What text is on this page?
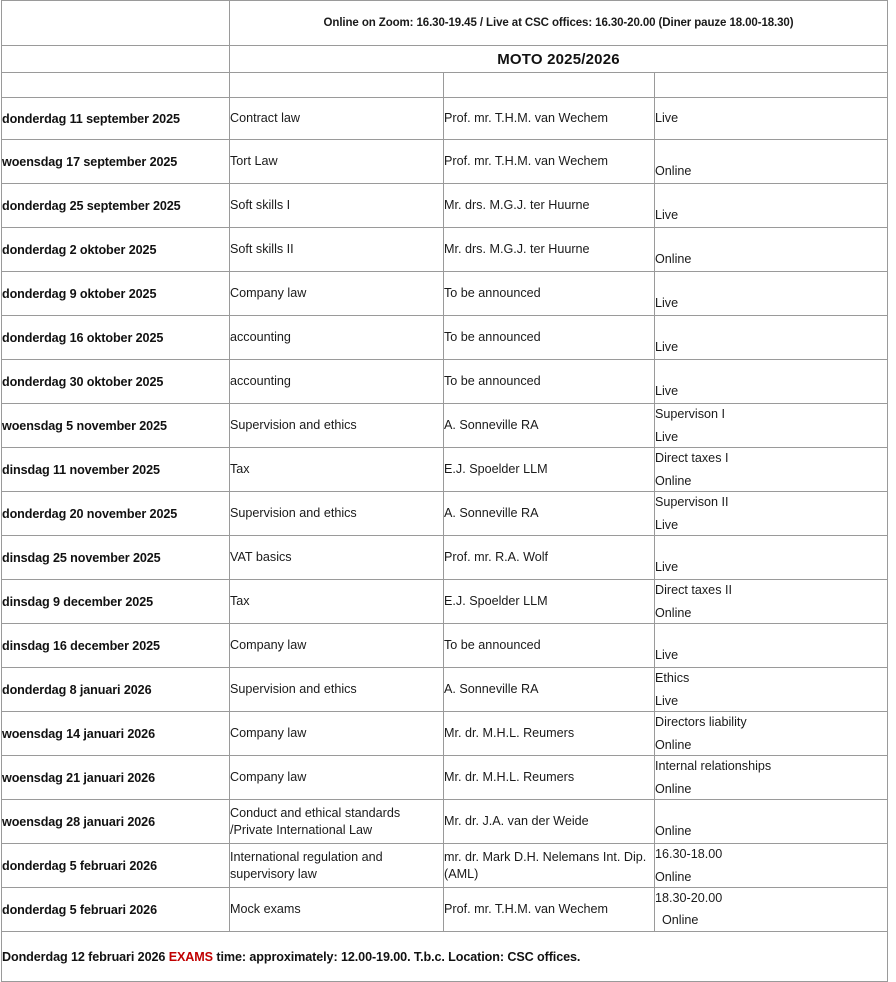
	Online on Zoom: 16.30-19.45 / Live at CSC offices: 16.30-20.00 (Diner pauze 18.00-18.30)		
	MOTO 2025/2026		

donderdag 11 september 2025	Contract law	Prof. mr. T.H.M. van Wechem	Live

woensdag 17 september 2025	Tort Law	Prof. mr. T.H.M. van Wechem	Online

donderdag 25 september 2025	Soft skills I	Mr. drs. M.G.J. ter Huurne	Live

donderdag 2 oktober 2025	Soft skills II	Mr. drs. M.G.J. ter Huurne	Online

donderdag 9 oktober 2025	Company law	To be announced	Live

donderdag 16 oktober 2025	accounting	To be announced	Live

donderdag 30 oktober 2025	accounting	To be announced	Live

woensdag 5 november 2025	Supervision and ethics	A. Sonneville RA	Supervison I
Live

dinsdag 11 november 2025	Tax	E.J. Spoelder LLM	Direct taxes I
Online

donderdag 20 november 2025	Supervision and ethics	A. Sonneville RA	Supervison II
Live

dinsdag 25 november 2025	VAT basics	Prof. mr. R.A. Wolf	Live

dinsdag 9 december 2025	Tax	E.J. Spoelder LLM	Direct taxes II
Online

dinsdag 16 december 2025	Company law	To be announced	Live

donderdag 8 januari 2026	Supervision and ethics	A. Sonneville RA	Ethics
Live

woensdag 14 januari 2026	Company law	Mr. dr. M.H.L. Reumers	Directors liability
Online

woensdag 21 januari 2026	Company law	Mr. dr. M.H.L. Reumers	Internal relationships
Online

woensdag 28 januari 2026	Conduct and ethical standards /Private International Law	Mr. dr. J.A. van der Weide	Online

donderdag 5 februari 2026	International regulation and supervisory law	mr. dr. Mark D.H. Nelemans Int. Dip. (AML)	16.30-18.00
Online

donderdag 5 februari 2026	Mock exams	Prof. mr. T.H.M. van Wechem	18.30-20.00
Online

Donderdag 12 februari 2026 EXAMS time: approximately: 12.00-19.00. T.b.c. Location: CSC offices.			
